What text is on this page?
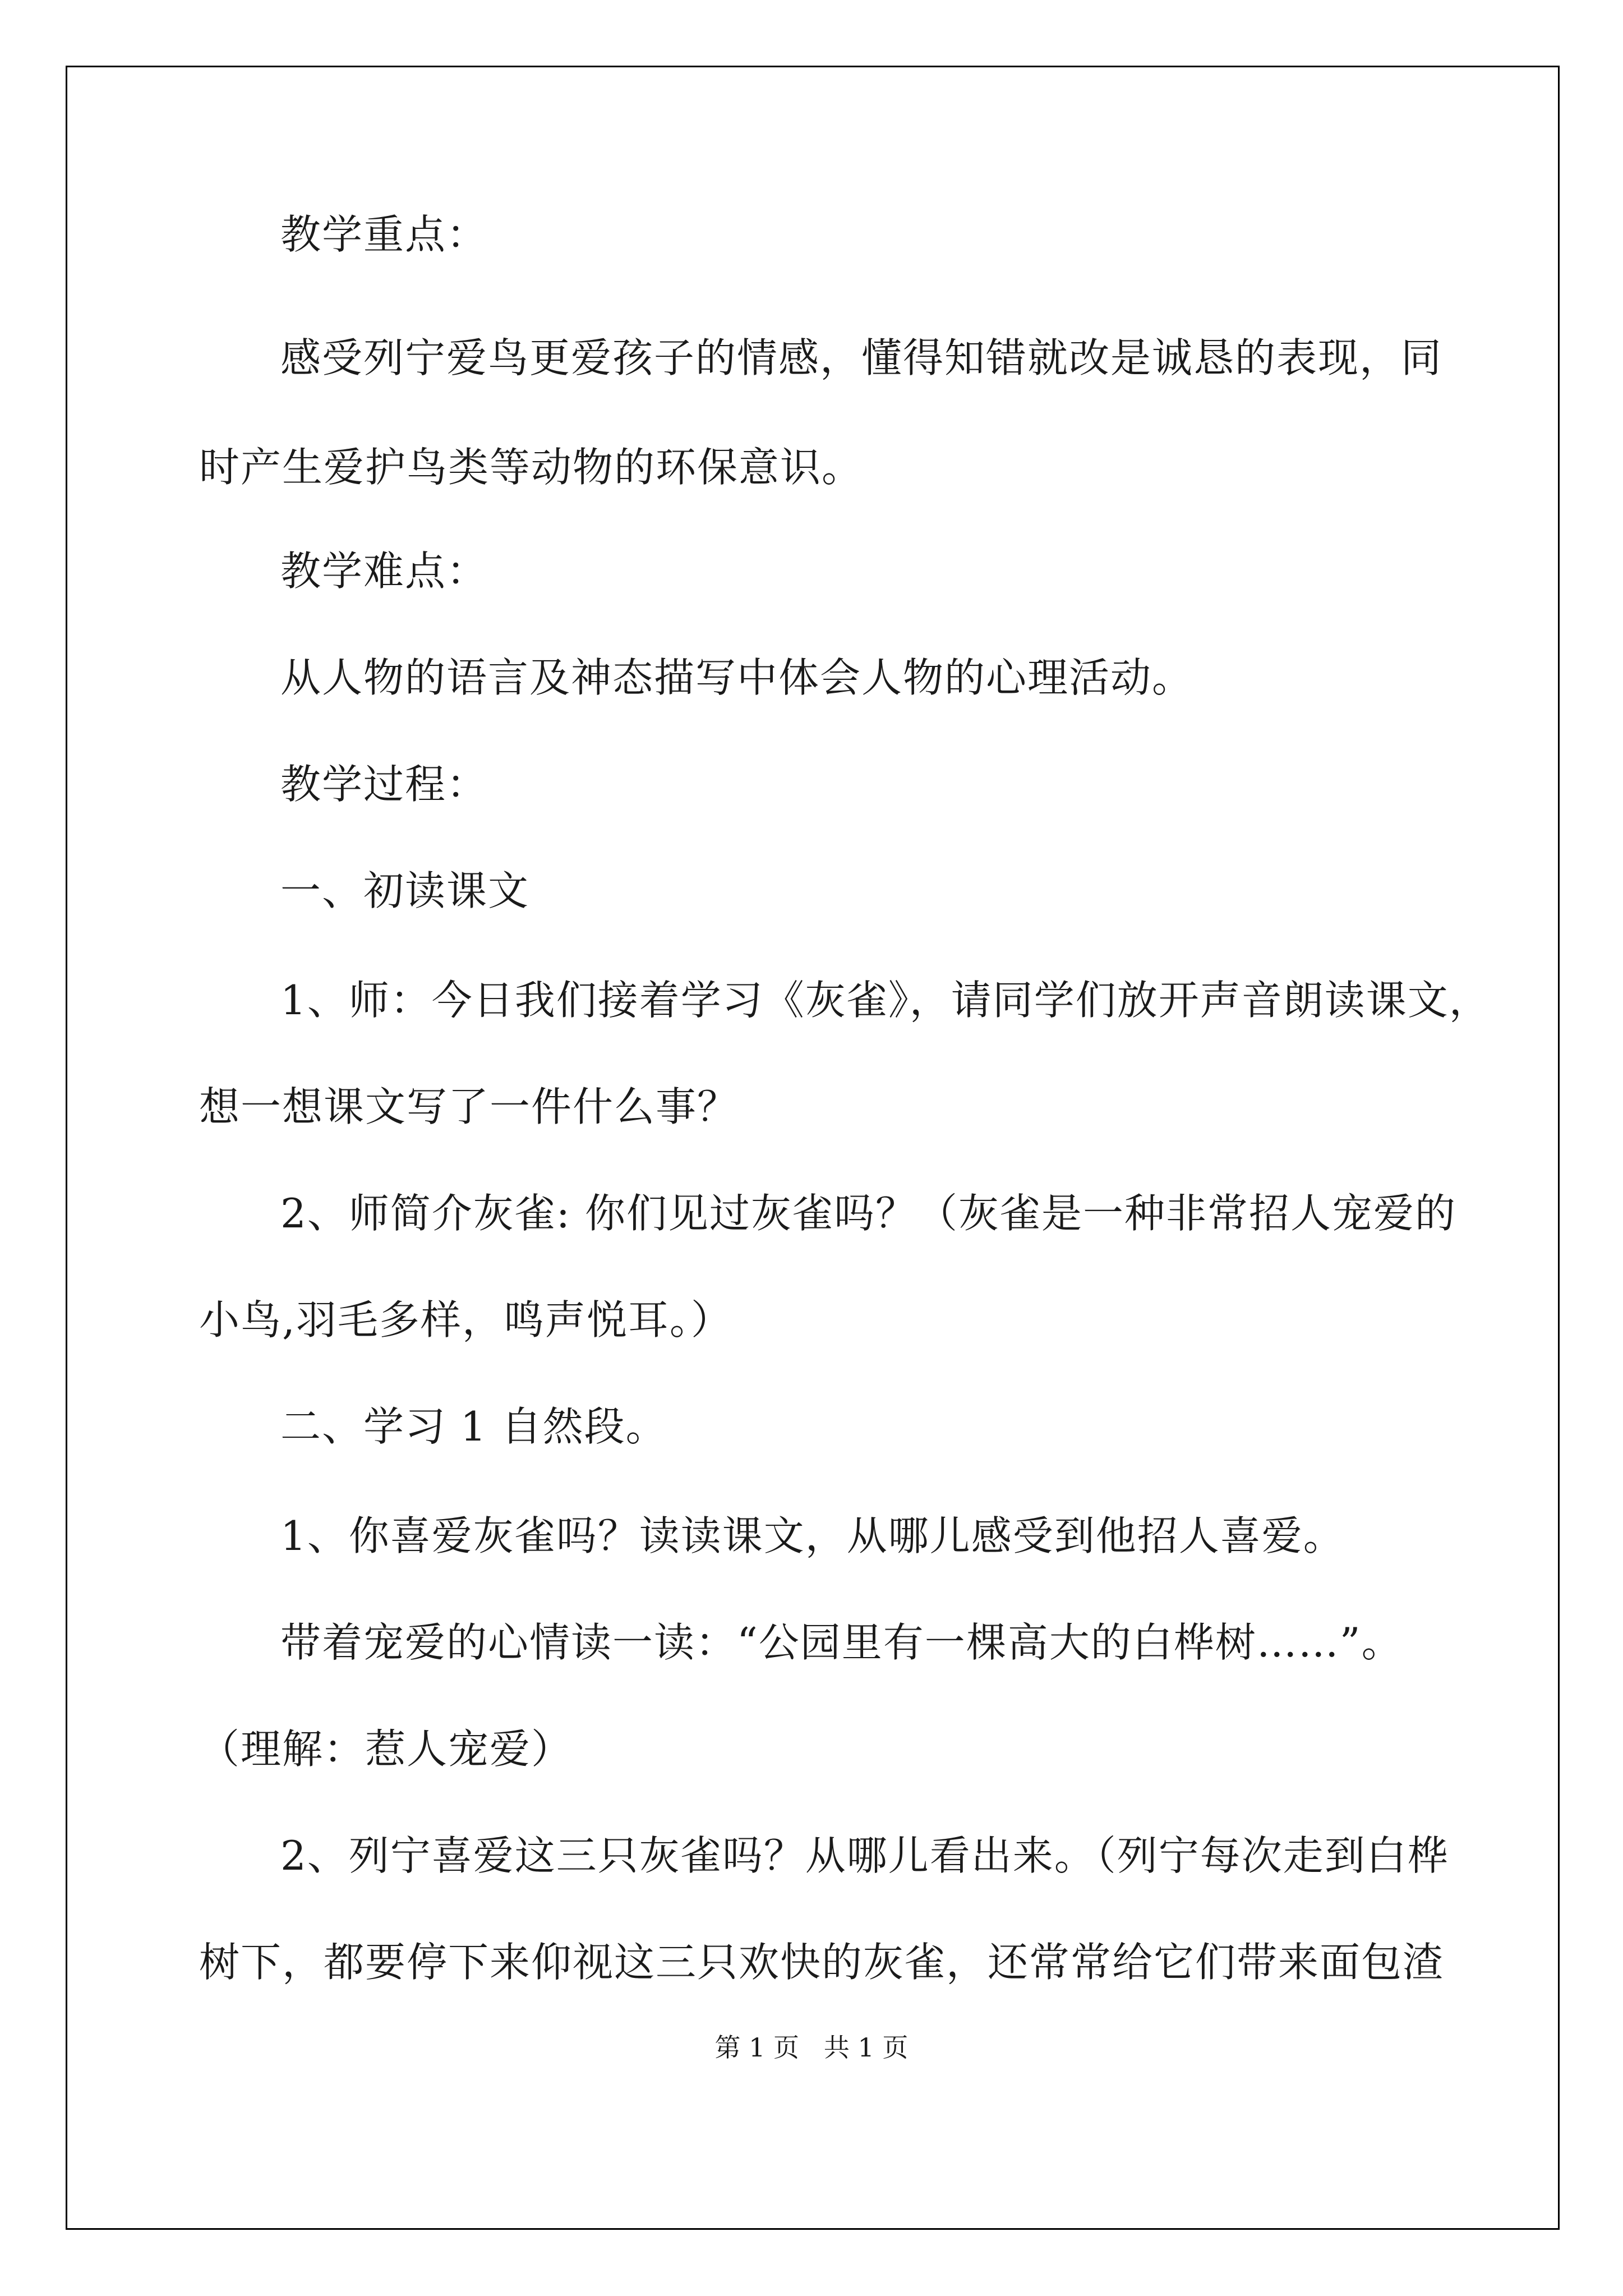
教学重点：
感受列宁爱鸟更爱孩子的情感，懂得知错就改是诚恳的表现，同
时产生爱护鸟类等动物的环保意识。
教学难点：
从人物的语言及神态描写中体会人物的心理活动。
教学过程：
一、初读课文
1、师：今日我们接着学习《灰雀》，请同学们放开声音朗读课文，
想一想课文写了一件什么事？
2、师简介灰雀: 你们见过灰雀吗？（灰雀是一种非常招人宠爱的
小鸟,羽毛多样，鸣声悦耳。）
二、学习 1 自然段。
1、你喜爱灰雀吗？读读课文，从哪儿感受到他招人喜爱。
带着宠爱的心情读一读：“公园里有一棵高大的白桦树……”。
（理解：惹人宠爱）
2、列宁喜爱这三只灰雀吗？从哪儿看出来。（列宁每次走到白桦
树下，都要停下来仰视这三只欢快的灰雀，还常常给它们带来面包渣
第 1 页   共 1 页
